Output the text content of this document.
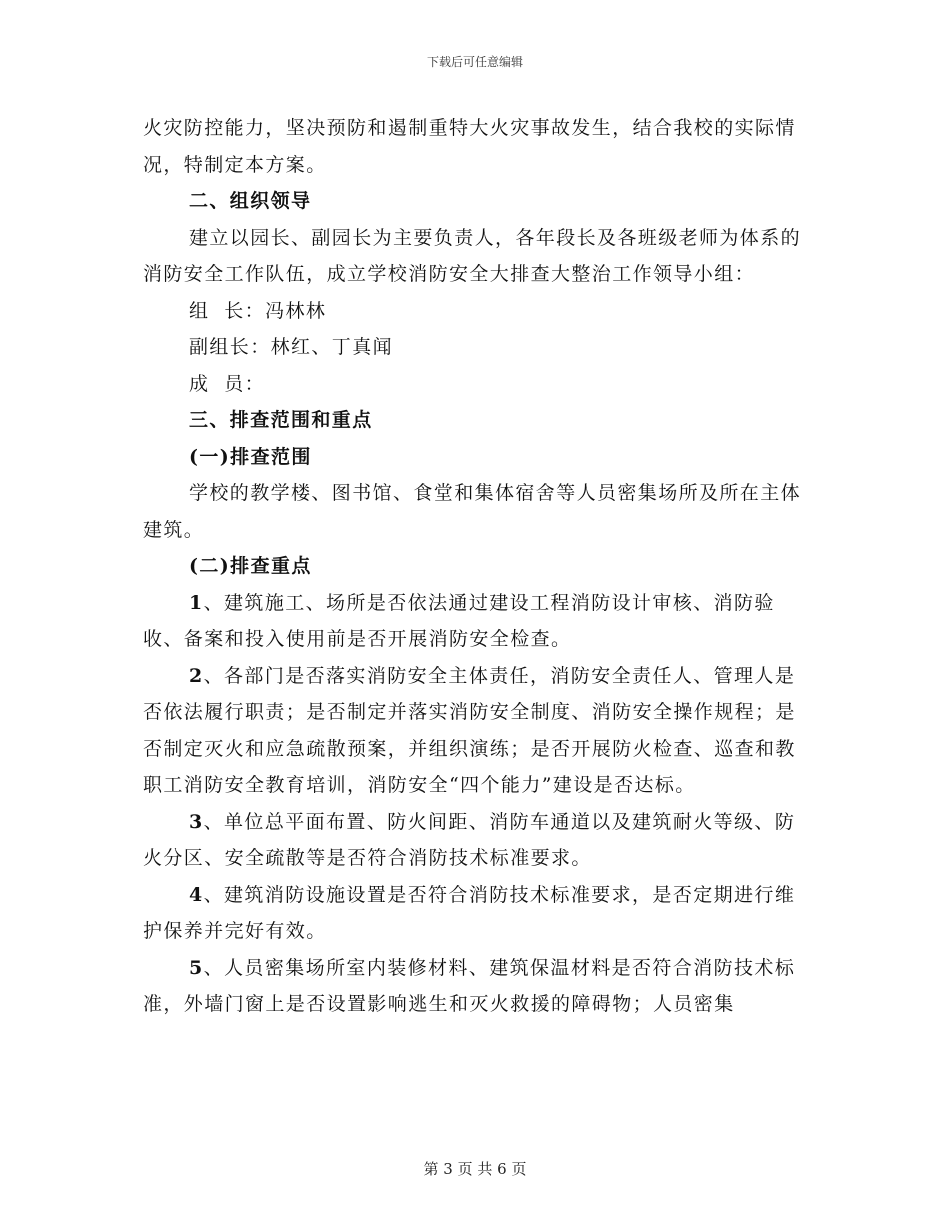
下载后可任意编辑

火灾防控能力，坚决预防和遏制重特大火灾事故发生，结合我校的实际情况，特制定本方案。

二、组织领导

建立以园长、副园长为主要负责人，各年段长及各班级老师为体系的消防安全工作队伍，成立学校消防安全大排查大整治工作领导小组：

组  长：冯林林

副组长：林红、丁真闻

成  员：

三、排查范围和重点

(一)排查范围

学校的教学楼、图书馆、食堂和集体宿舍等人员密集场所及所在主体建筑。

(二)排查重点

1、建筑施工、场所是否依法通过建设工程消防设计审核、消防验收、备案和投入使用前是否开展消防安全检查。

2、各部门是否落实消防安全主体责任，消防安全责任人、管理人是否依法履行职责；是否制定并落实消防安全制度、消防安全操作规程；是否制定灭火和应急疏散预案，并组织演练；是否开展防火检查、巡查和教职工消防安全教育培训，消防安全“四个能力”建设是否达标。

3、单位总平面布置、防火间距、消防车通道以及建筑耐火等级、防火分区、安全疏散等是否符合消防技术标准要求。

4、建筑消防设施设置是否符合消防技术标准要求，是否定期进行维护保养并完好有效。

5、人员密集场所室内装修材料、建筑保温材料是否符合消防技术标准，外墙门窗上是否设置影响逃生和灭火救援的障碍物；人员密集

第 3 页 共 6 页
